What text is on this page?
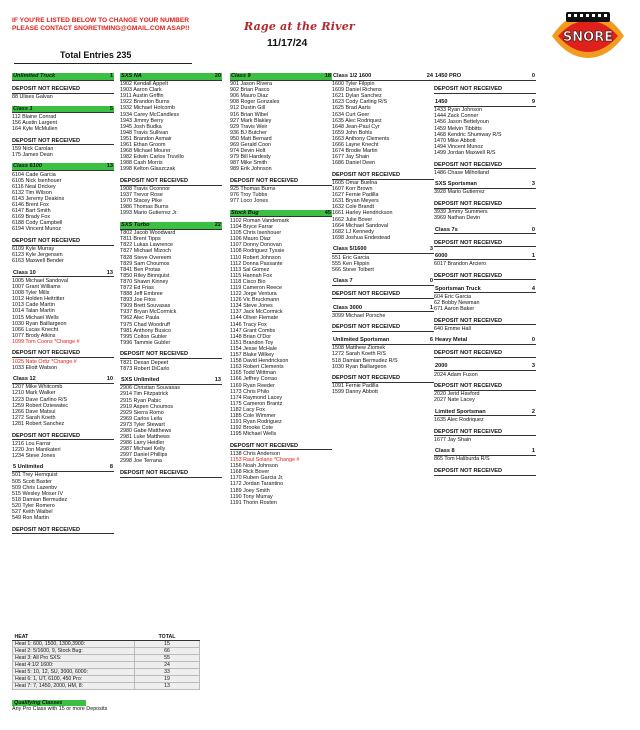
IF YOU'RE LISTED BELOW TO CHANGE YOUR NUMBER
PLEASE CONTACT SNORETIMING@GMAIL.COM ASAP!!	Rage at the River
11/17/24	SNORE
Total Entries 235
Unlimited Truck	1
DEPOSIT NOT RECEIVED
88 Ulises Galvan
Class 1	5
112 Blaine Conrad
156 Austin Largent
164 Kyle McMullen
DEPOSIT NOT RECEIVED
159 Nick Carolan
175 James Dean
Class 6100	13
6104 Cade Garcia
6105 Nick Isenhouer
6116 Neal Drickey
6132 Tim Wilson
6143 Jeremy Deakins
6146 Brent Fox
6147 Bart Smith
6169 Brady Fox
6188 Cody Campbell
6194 Vincent Munoz
DEPOSIT NOT RECEIVED
6109 Kyle Murray
6123 Kyle Jergensen
6163 Maxwell Bender
Class 10	13
1005 Michael Sandoval
1007 Grant Williams
1008 Tyler Mills
1012 Holden Heitritter
1013 Cade Martin
1014 Talan Martin
1015 Michael Wells
1030 Ryan Baillargeon
1066 Lucas Knecht
1077 Brody Atkins
1099 Tom Coons *Change #
DEPOSIT NOT RECEIVED
1025 Nate Ortiz *Change #
1033 Eliott Watson
Class 12	10
1207 Mike Whitcomb
1210 Mark Walker
1223 Dave Carlino R/S
1259 Robert Dziewatec
1266 Dave Matsui
1272 Sarah Koeth
1281 Robert Sanchez
DEPOSIT NOT RECEIVED
1216 Lou Farrar
1220 Jon Manikateri
1234 Steve Jones
5 Unlimited	8
501 Trey Hernquist
505 Scott Baxter
509 Chris Lazenbv
515 Wesley Moser IV
518 Damian Bermudez
520 Tyler Romero
527 Keith Waibel
549 Ron Martin
DEPOSIT NOT RECEIVED
SXS NA	20
1902 Kendall Appelt
1903 Aaron Clark
1911 Austin Griffin
1922 Brandon Burns
1932 Michael Holcomb
1934 Carey McCandless
1943 Jimmy Berry
1945 Josh Budka
1948 Travis Sullivan
1951 Brandon Axmair
1961 Ethan Groom
1968 Michael Mourer
1982 Edwin Carlos Truvillo
1988 Cash Morris
1998 Kelton Glaszczak
DEPOSIT NOT RECEIVED
1908 Travis Oconnor
1937 Trevor Rose
1970 Stacey Pike
1986 Thomas Burns
1993 Mario Gutierrez Jr.
SXS Turbo	22
T802 Jacob Woodward
T811 Brent Tipps
T822 Lukas Lawrence
T827 Michael Mizoch
T828 Steve Overeem
T829 Sam Choumos
T841 Ben Protas
T850 Riley Binnquist
T870 Shawn Kinney
T872 Ed Frias
T888 Jeff Embree
T893 Joe Fitos
T909 Brett Souvasas
T937 Bryan McCormick
T962 Alec Paula
T975 Chad Woodruff
T981 Anthony Busico
T995 Colton Gubler
T996 Tammie Gubler
DEPOSIT NOT RECEIVED
T821 Dexan Depeet
T873 Robert DiCarlo
SXS Unlimited	13
2906 Christian Souvasas
2914 Tim Fitzpatrick
2915 Ryan Pabic
2919 Aspen Choumos
2929 Sierra Romo
2969 Carlos Leila
2973 Tyler Stewart
2980 Gabe Matthews
2981 Luke Matthews
2986 Larry Heidler
2987 Michael Kelly
2997 Daniel Phillips
2998 Joe Terrana
DEPOSIT NOT RECEIVED
Class 9	18
901 Jason Rivera
902 Brian Pasco
906 Mauro Diaz
908 Roger Gonzales
912 Dustin Gill
916 Brian Wibel
927 Mark Blakley
929 Travis Weir
936 BJ Butcher
950 Matt Bernard
969 Gerald Coon
974 Devin Holt
979 Bill Hardesty
987 Mike Smith
989 Erik Johnson
DEPOSIT NOT RECEIVED
925 Thomas Burns
976 Troy Tubbs
977 Loco Jones
Stock Bug	45
1102 Roman Vandemark
1104 Bryce Farrar
1105 Chris Isenhouer
1106 Mauro Diaz
1107 Donny Donovan
1108 Rodriguez Tyssie
1110 Robert Johnson
1112 Donna Passante
1113 Sal Gomez
1115 Hannah Fox
1118 Cisco Bio
1119 Cameron Reece
1122 Jorge Ventura
1126 Vic Bruckmann
1134 Steve Jones
1137 Jack McCormick
1144 Oliver Flemate
1146 Tracy Fox
1147 Grant Combs
1148 Brian O'Dor
1151 Brandon Toy
1154 Jesse McHale
1157 Blake Wilkey
1158 David Hendrickson
1163 Robert Clements
1165 Todd Wittman
1166 Jeffrey Corrao
1169 Ryan Reeder
1173 Chris Philo
1174 Raymond Lacey
1175 Cameron Brantz
1182 Lacy Fox
1185 Cole Wimmer
1191 Ryan Rodriguez
1192 Brooke Cote
1195 Michael Wells
DEPOSIT NOT RECEIVED
1138 Chris Anderson
1153 Raul Solano *Change #
1156 Noah Johnson
1168 Rick Bover
1170 Ruben Garcia Jr.
1172 Jordan Tarantino
1189 Joey Smith
1190 Tony Murray
1191 Thorin Rosten
Class 1/2 1600	24
1600 Tyler Filppin
1609 Daniel Richens
1621 Dylan Sanchez
1623 Cody Carling R/S
1625 Brad Aarts
1634 Curt Geer
1635 Alec Rodriquez
1648 Jean-Paul Cyr
1659 John Bohls
1663 Anthony Clements
1666 Layne Knecht
1674 Brodie Martin
1677 Jay Shain
1686 Daniel Deen
DEPOSIT NOT RECEIVED
1605 Omar Buelna
1607 Korr Brown
1627 Fernie Padilla
1631 Bryan Meyers
1632 Cole Brandt
1661 Harley Hendrickson
1662 Julie Bover
1664 Michael Sandoval
1682 LJ Kennedy
1698 Joshua Endestead
Class 5/1600	3
551 Eric Garcia
555 Ken Flippin
566 Steve Tolbert
Class 7	0
DEPOSIT NOT RECEIVED
Class 3000	1
3099 Michael Porsche
DEPOSIT NOT RECEIVED
Unlimited Sportsman	6
1508 Matthew Ziomek
1272 Sarah Koeth R/S
518 Damian Bermudez R/S
1030 Ryan Baillargeon
DEPOSIT NOT RECEIVED
1091 Fernie Padilla
1599 Danny Abbott
1450 PRO	0
DEPOSIT NOT RECEIVED
1450	9
1433 Ryan Johnson
1444 Zack Conner
1456 Jason Bettelyoun
1459 Melvin Tibbitts
1468 Kendric Shumway R/S
1470 Mike Abbott
1494 Vincent Munoz
1499 Jordan Maxwell R/S
DEPOSIT NOT RECEIVED
1486 Chase Milholland
SXS Sportsman	3
3928 Mario Gutierrez
DEPOSIT NOT RECEIVED
3939 Jimmy Summers
3969 Nathan Devin
Class 7s	0
DEPOSIT NOT RECEIVED
6000	1
6017 Brandon Arciero
DEPOSIT NOT RECEIVED
Sportsman Truck	4
604 Eric Garcia
62 Bobby Newman
671 Aaron Baker
DEPOSIT NOT RECEIVED
640 Emme Hall
Heavy Metal	0
DEPOSIT NOT RECEIVED
2000	3
2024 Adam Fuson
DEPOSIT NOT RECEIVED
2020 Jerid Havford
2027 Nate Lacey
Limited Sportsman	2
1635 Alec Rodriquez
DEPOSIT NOT RECEIVED
1677 Jay Shain
Class 8	1
865 Tom Haliburda R/S
DEPOSIT NOT RECEIVED
HEAT	TOTAL
Heat 1: 600, 1500, 1300,3900:	15
Heat 2: 5/1600, 9, Stock Bug:	66
Heat 3: All Pro SXS:	55
Heat 4:1/2 1600:	24
Heat 5: 10, 12, SU, 3000, 6000:	33
Heat 6: 1, UT, 6100, 450 Pro:	19
Heat 7: 7, 1450, 2000, HM, 8:	13
Qualifying Classes
Any Pro Class with 15 or more Deposits
